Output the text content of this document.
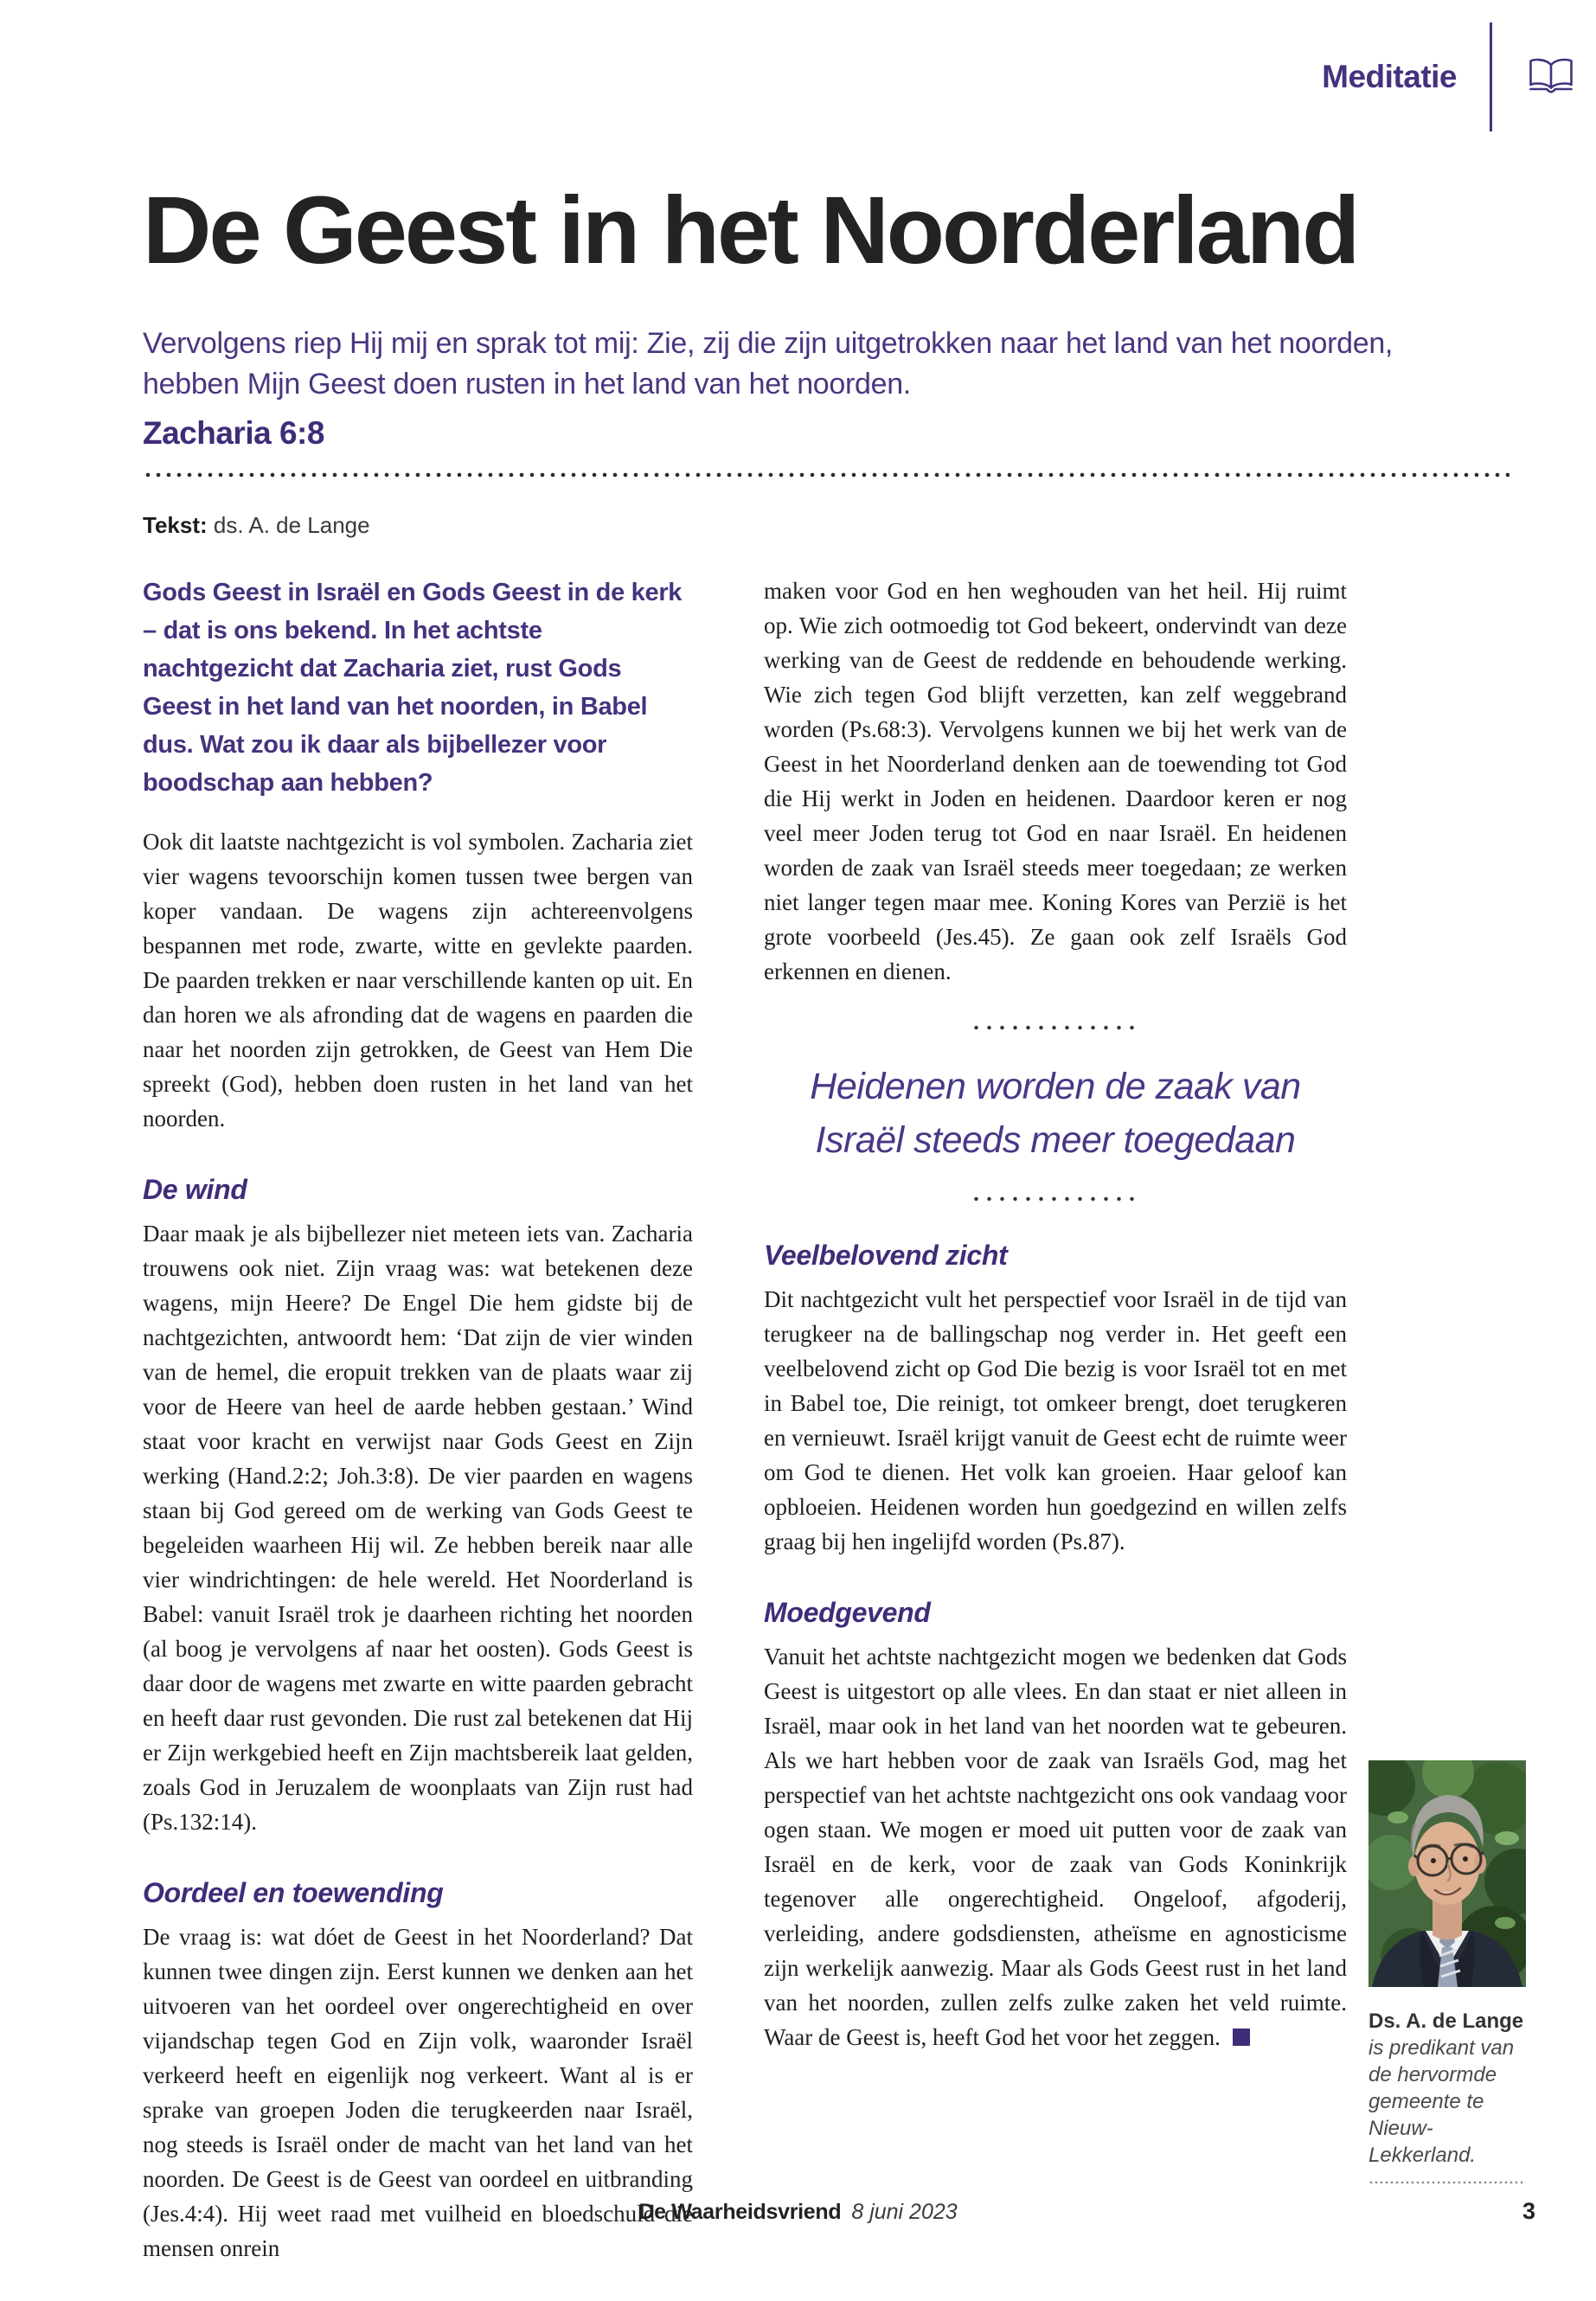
Meditatie
De Geest in het Noorderland

Vervolgens riep Hij mij en sprak tot mij: Zie, zij die zijn uitgetrokken naar het land van het noorden, hebben Mijn Geest doen rusten in het land van het noorden.

Zacharia 6:8

Tekst: ds. A. de Lange

Gods Geest in Israël en Gods Geest in de kerk – dat is ons bekend. In het achtste nachtgezicht dat Zacharia ziet, rust Gods Geest in het land van het noorden, in Babel dus. Wat zou ik daar als bijbellezer voor boodschap aan hebben?

Ook dit laatste nachtgezicht is vol symbolen. Zacharia ziet vier wagens tevoorschijn komen tussen twee bergen van koper vandaan. De wagens zijn achtereenvolgens bespannen met rode, zwarte, witte en gevlekte paarden. De paarden trekken er naar verschillende kanten op uit. En dan horen we als afronding dat de wagens en paarden die naar het noorden zijn getrokken, de Geest van Hem Die spreekt (God), hebben doen rusten in het land van het noorden.

De wind

Daar maak je als bijbellezer niet meteen iets van. Zacharia trouwens ook niet. Zijn vraag was: wat betekenen deze wagens, mijn Heere? De Engel Die hem gidste bij de nachtgezichten, antwoordt hem: ‘Dat zijn de vier winden van de hemel, die eropuit trekken van de plaats waar zij voor de Heere van heel de aarde hebben gestaan.’ Wind staat voor kracht en verwijst naar Gods Geest en Zijn werking (Hand.2:2; Joh.3:8). De vier paarden en wagens staan bij God gereed om de werking van Gods Geest te begeleiden waarheen Hij wil. Ze hebben bereik naar alle vier windrichtingen: de hele wereld. Het Noorderland is Babel: vanuit Israël trok je daarheen richting het noorden (al boog je vervolgens af naar het oosten). Gods Geest is daar door de wagens met zwarte en witte paarden gebracht en heeft daar rust gevonden. Die rust zal betekenen dat Hij er Zijn werkgebied heeft en Zijn machtsbereik laat gelden, zoals God in Jeruzalem de woonplaats van Zijn rust had (Ps.132:14).

Oordeel en toewending

De vraag is: wat dóet de Geest in het Noorderland? Dat kunnen twee dingen zijn. Eerst kunnen we denken aan het uitvoeren van het oordeel over ongerechtigheid en over vijandschap tegen God en Zijn volk, waaronder Israël verkeerd heeft en eigenlijk nog verkeert. Want al is er sprake van groepen Joden die terugkeerden naar Israël, nog steeds is Israël onder de macht van het land van het noorden. De Geest is de Geest van oordeel en uitbranding (Jes.4:4). Hij weet raad met vuilheid en bloedschuld die mensen onrein

maken voor God en hen weghouden van het heil. Hij ruimt op. Wie zich ootmoedig tot God bekeert, ondervindt van deze werking van de Geest de reddende en behoudende werking. Wie zich tegen God blijft verzetten, kan zelf weggebrand worden (Ps.68:3). Vervolgens kunnen we bij het werk van de Geest in het Noorderland denken aan de toewending tot God die Hij werkt in Joden en heidenen. Daardoor keren er nog veel meer Joden terug tot God en naar Israël. En heidenen worden de zaak van Israël steeds meer toegedaan; ze werken niet langer tegen maar mee. Koning Kores van Perzië is het grote voorbeeld (Jes.45). Ze gaan ook zelf Israëls God erkennen en dienen.

Heidenen worden de zaak van Israël steeds meer toegedaan

Veelbelovend zicht

Dit nachtgezicht vult het perspectief voor Israël in de tijd van terugkeer na de ballingschap nog verder in. Het geeft een veelbelovend zicht op God Die bezig is voor Israël tot en met in Babel toe, Die reinigt, tot omkeer brengt, doet terugkeren en vernieuwt. Israël krijgt vanuit de Geest echt de ruimte weer om God te dienen. Het volk kan groeien. Haar geloof kan opbloeien. Heidenen worden hun goedgezind en willen zelfs graag bij hen ingelijfd worden (Ps.87).

Moedgevend

Vanuit het achtste nachtgezicht mogen we bedenken dat Gods Geest is uitgestort op alle vlees. En dan staat er niet alleen in Israël, maar ook in het land van het noorden wat te gebeuren. Als we hart hebben voor de zaak van Israëls God, mag het perspectief van het achtste nachtgezicht ons ook vandaag voor ogen staan. We mogen er moed uit putten voor de zaak van Israël en de kerk, voor de zaak van Gods Koninkrijk tegenover alle ongerechtigheid. Ongeloof, afgoderij, verleiding, andere godsdiensten, atheïsme en agnosticisme zijn werkelijk aanwezig. Maar als Gods Geest rust in het land van het noorden, zullen zelfs zulke zaken het veld ruimte. Waar de Geest is, heeft God het voor het zeggen.

Ds. A. de Lange

is predikant van de hervormde gemeente te Nieuw-Lekkerland.

De Waarheidsvriend 8 juni 2023	3
